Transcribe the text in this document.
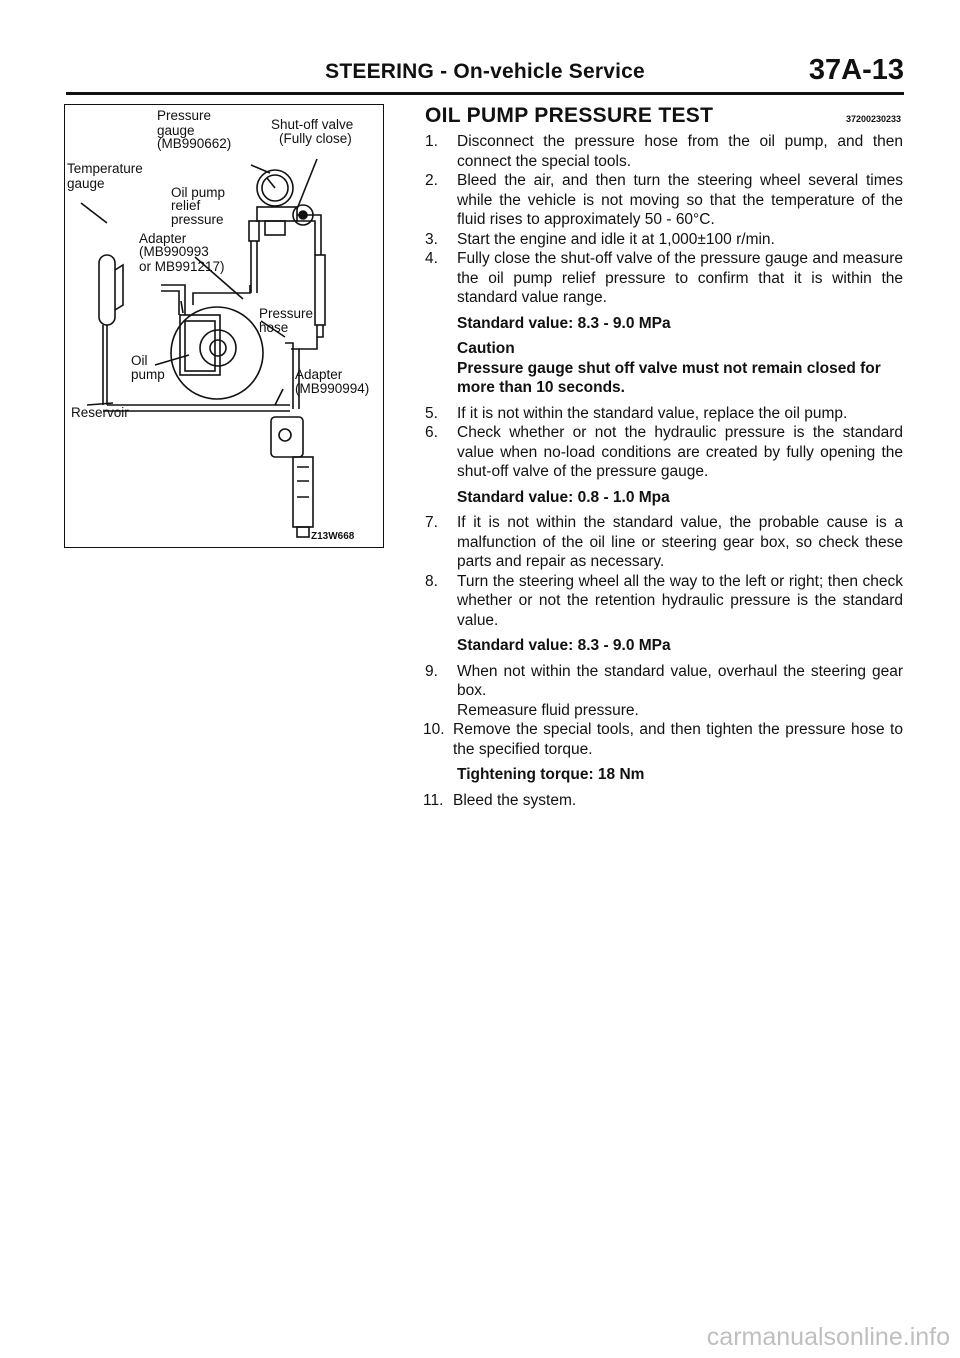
STEERING - On-vehicle Service	37A-13
Pressure
gauge
(MB990662)
Shut-off valve
(Fully close)
Temperature
gauge
Oil pump
relief
pressure
Adapter
(MB990993
or MB991217)
Pressure
hose
Oil
pump	Adapter
(MB990994)
Reservoir
Z13W668
OIL PUMP PRESSURE TEST	37200230233
1.	Disconnect the pressure hose from the oil pump, and then connect the special tools.
2.	Bleed the air, and then turn the steering wheel several times while the vehicle is not moving so that the temperature of the fluid rises to approximately 50 - 60°C.
3.	Start the engine and idle it at 1,000±100 r/min.
4.	Fully close the shut-off valve of the pressure gauge and measure the oil pump relief pressure to confirm that it is within the standard value range.
Standard value: 8.3 - 9.0 MPa
Caution
Pressure gauge shut off valve must not remain closed for more than 10 seconds.
5.	If it is not within the standard value, replace the oil pump.
6.	Check whether or not the hydraulic pressure is the standard value when no-load conditions are created by fully opening the shut-off valve of the pressure gauge.
Standard value: 0.8 - 1.0 Mpa
7.	If it is not within the standard value, the probable cause is a malfunction of the oil line or steering gear box, so check these parts and repair as necessary.
8.	Turn the steering wheel all the way to the left or right; then check whether or not the retention hydraulic pressure is the standard value.
Standard value: 8.3 - 9.0 MPa
9.	When not within the standard value, overhaul the steering gear box.
Remeasure fluid pressure.
10. Remove the special tools, and then tighten the pressure hose to the specified torque.
Tightening torque: 18 Nm
11. Bleed the system.
carmanualsonline.info
